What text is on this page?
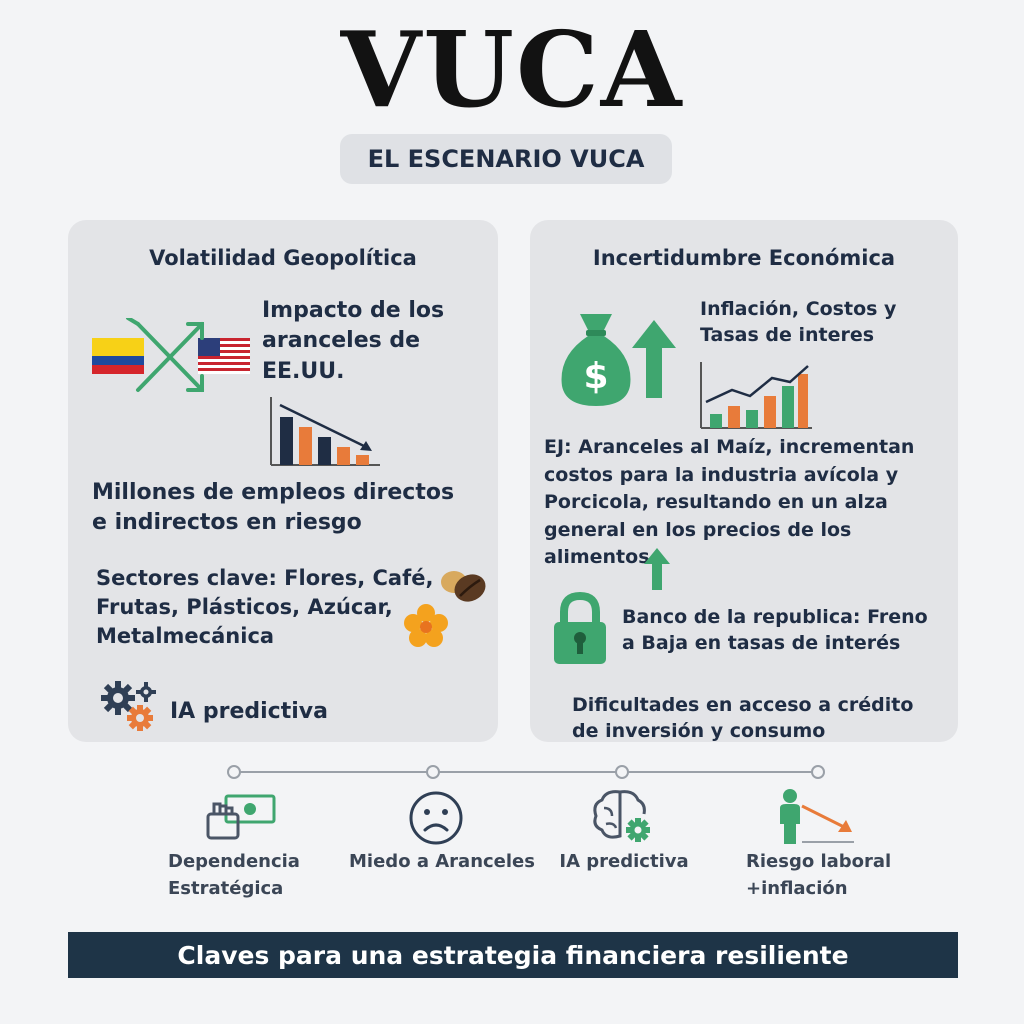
VUCA
EL ESCENARIO VUCA
Volatilidad Geopolítica
Impacto de los aranceles de EE.UU.
Millones de empleos directos e indirectos en riesgo
Sectores clave: Flores, Café, Frutas, Plásticos, Azúcar, Metalmecánica
IA predictiva
Incertidumbre Económica
$
Inflación, Costos y Tasas de interes
EJ: Aranceles al Maíz, incrementan costos para la industria avícola y Porcicola, resultando en un alza general en los precios de los alimentos
Banco de la republica: Freno a Baja en tasas de interés
Dificultades en acceso a crédito de inversión y consumo
Dependencia Estratégica
Miedo a Aranceles	IA predictiva	Riesgo laboral +inflación
Claves para una estrategia financiera resiliente
